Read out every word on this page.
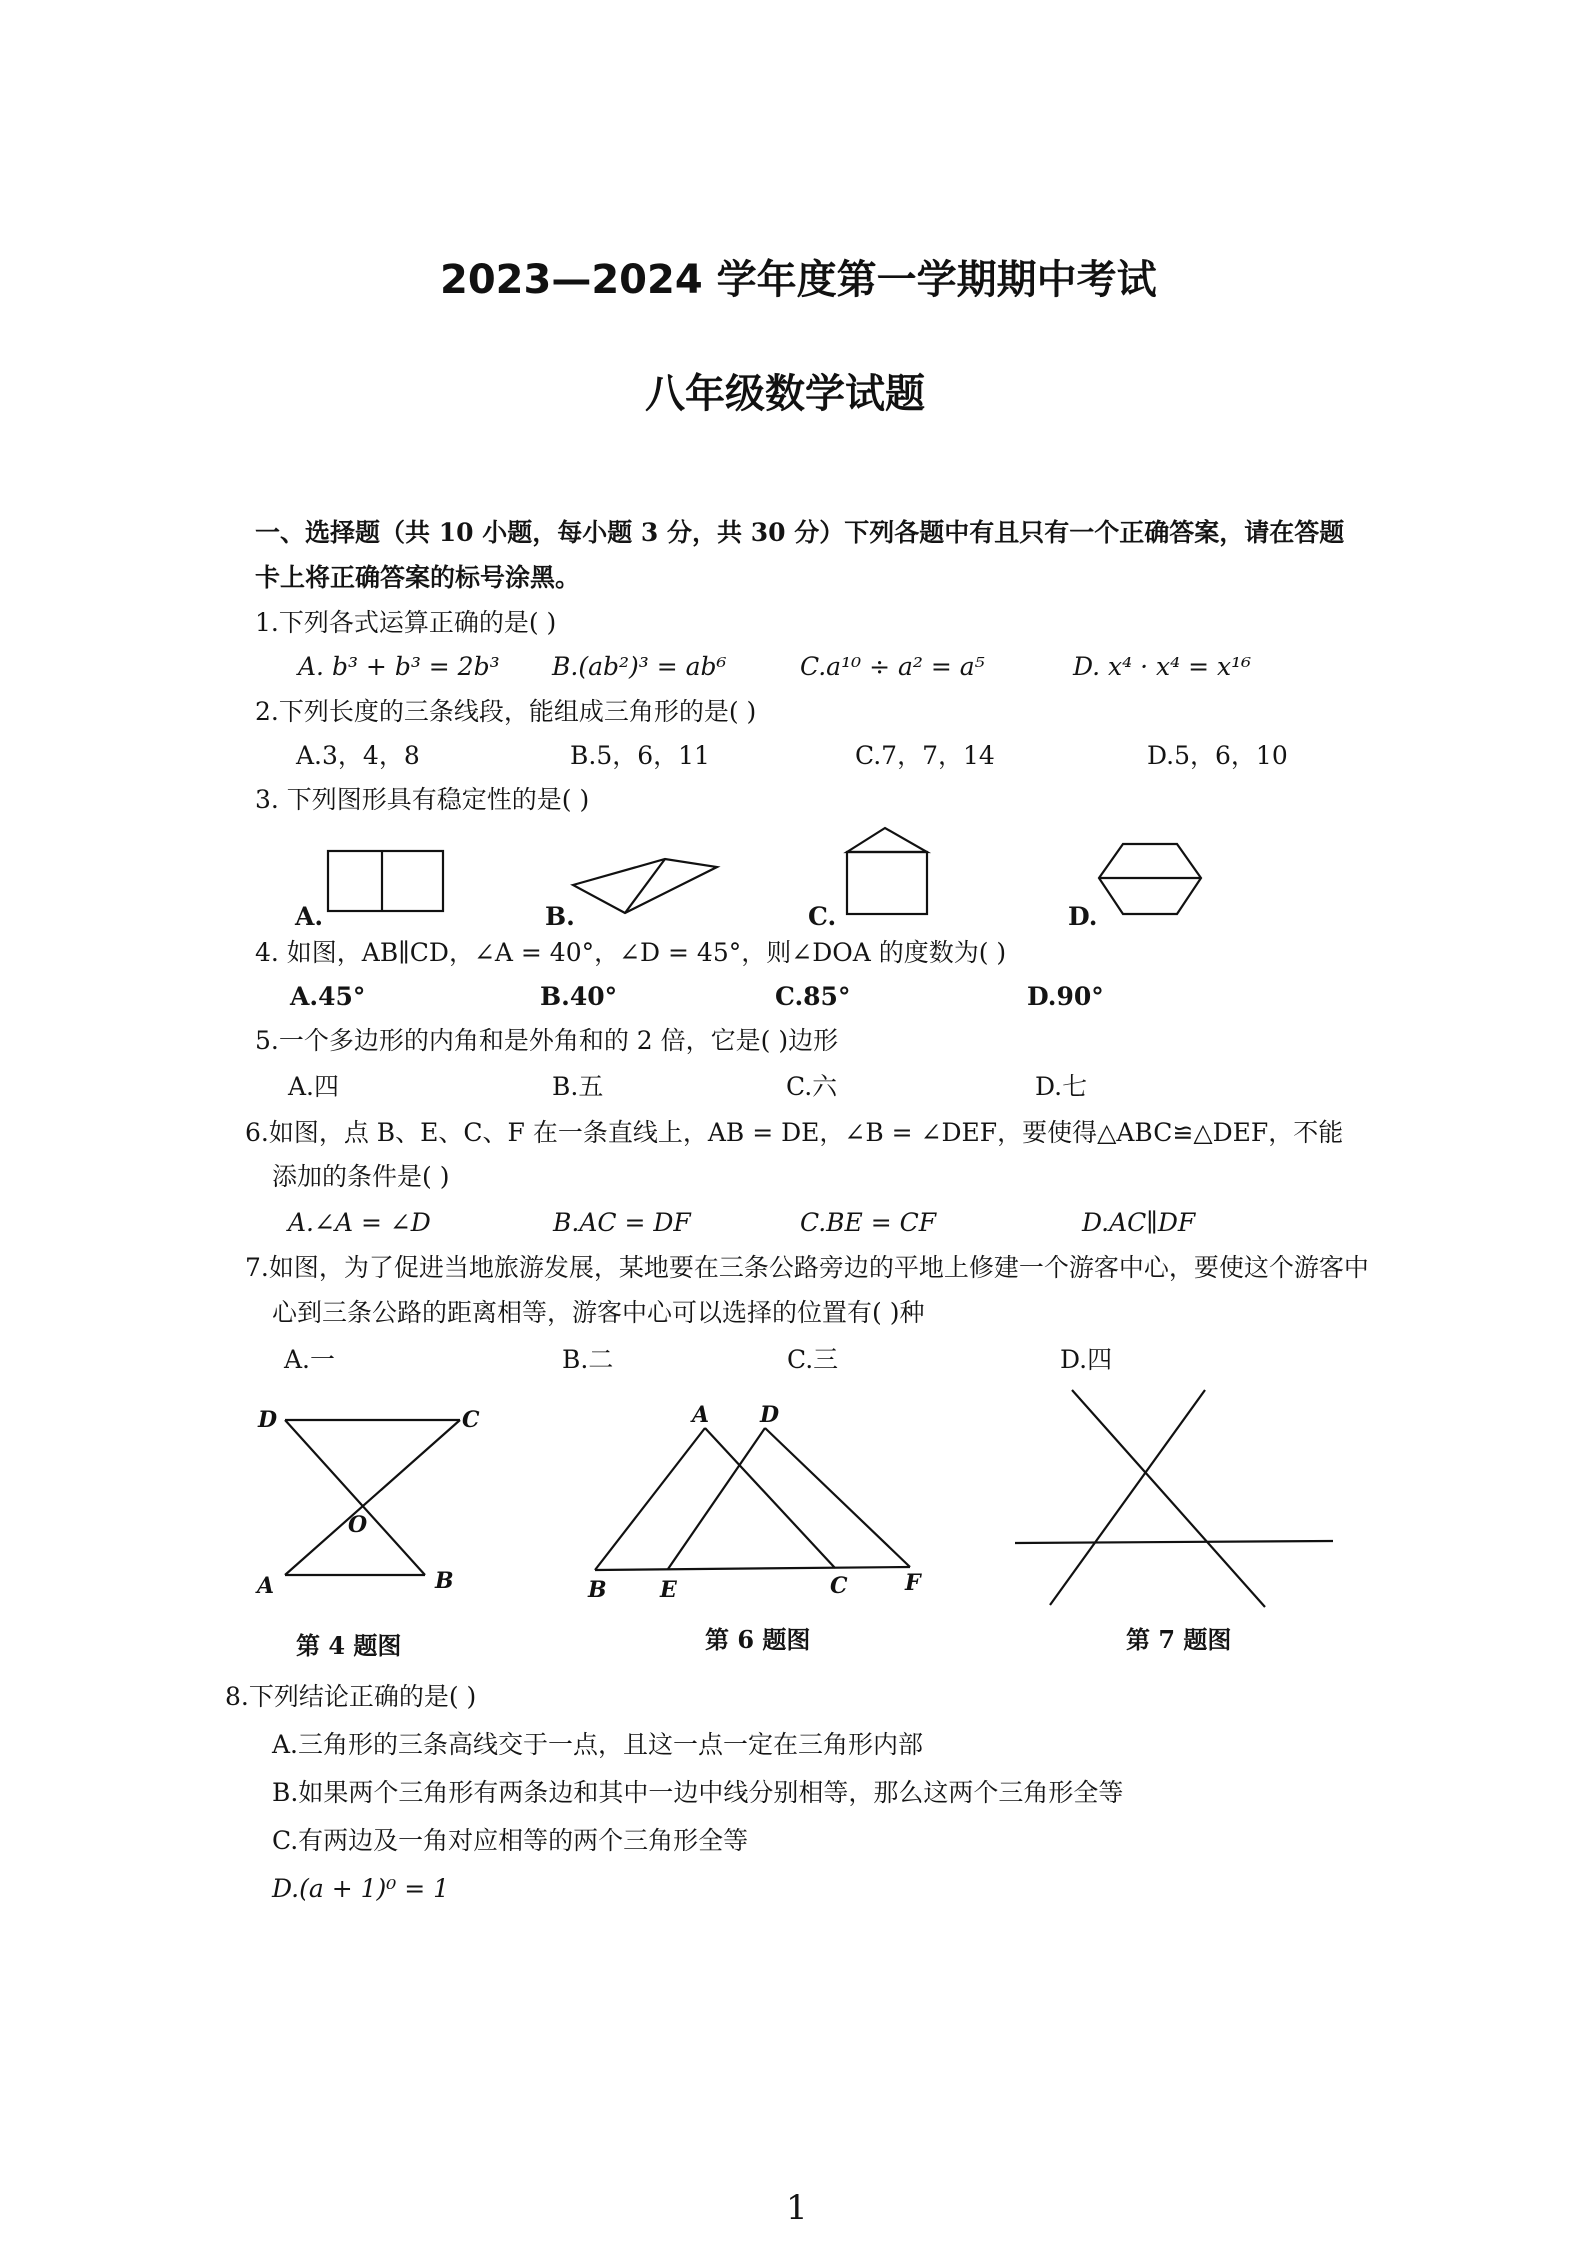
2023—2024 学年度第一学期期中考试
八年级数学试题
一、选择题（共 10 小题，每小题 3 分，共 30 分）下列各题中有且只有一个正确答案，请在答题
卡上将正确答案的标号涂黑。
1.下列各式运算正确的是( )
A. b³ + b³ = 2b³ B.(ab²)³ = ab⁶	C.a¹⁰ ÷ a² = a⁵	D. x⁴ · x⁴ = x¹⁶
2.下列长度的三条线段，能组成三角形的是( )
A.3，4，8	B.5，6，11	C.7，7，14	D.5，6，10
3. 下列图形具有稳定性的是( )
A.	B.	C.	D.
4. 如图，AB∥CD，∠A = 40°，∠D = 45°，则∠DOA 的度数为( )
A.45°	B.40°	C.85°	D.90°
5.一个多边形的内角和是外角和的 2 倍，它是( )边形
A.四	B.五	C.六	D.七
6.如图，点 B、E、C、F 在一条直线上，AB = DE，∠B = ∠DEF，要使得△ABC≌△DEF，不能
添加的条件是( )
A.∠A = ∠D	B.AC = DF	C.BE = CF	D.AC∥DF
7.如图，为了促进当地旅游发展，某地要在三条公路旁边的平地上修建一个游客中心，要使这个游客中
心到三条公路的距离相等，游客中心可以选择的位置有( )种
A.一	B.二	C.三	D.四
D	C
O
A	B
第 4 题图
A D
B E	C	F
第 6 题图	第 7 题图
8.下列结论正确的是( )
A.三角形的三条高线交于一点，且这一点一定在三角形内部
B.如果两个三角形有两条边和其中一边中线分别相等，那么这两个三角形全等
C.有两边及一角对应相等的两个三角形全等
D.(a + 1)⁰ = 1
1
